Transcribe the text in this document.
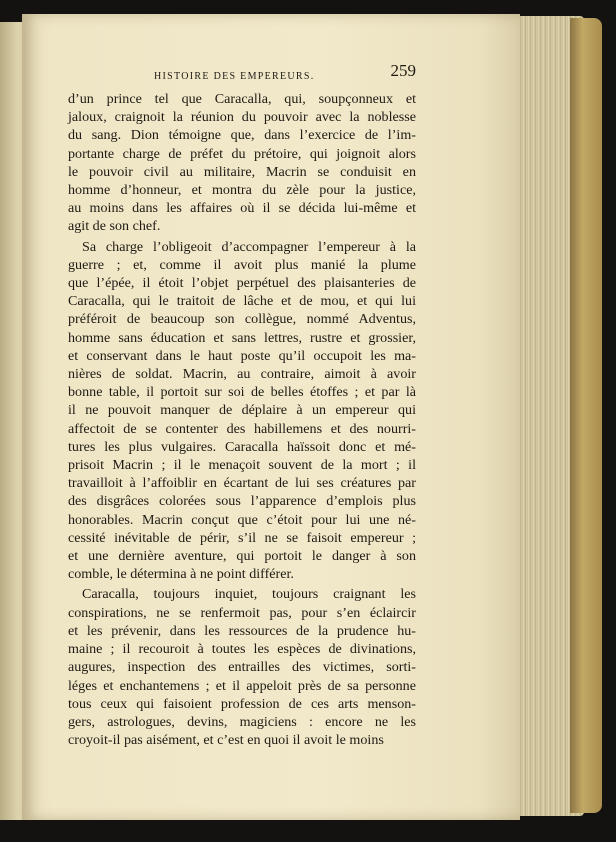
HISTOIRE DES EMPEREURS.	259
d’un prince tel que Caracalla, qui, soupçonneux et
jaloux, craignoit la réunion du pouvoir avec la noblesse
du sang. Dion témoigne que, dans l’exercice de l’im-
portante charge de préfet du prétoire, qui joignoit alors
le pouvoir civil au militaire, Macrin se conduisit en
homme d’honneur, et montra du zèle pour la justice,
au moins dans les affaires où il se décida lui-même et
agit de son chef.
Sa charge l’obligeoit d’accompagner l’empereur à la
guerre ; et, comme il avoit plus manié la plume
que l’épée, il étoit l’objet perpétuel des plaisanteries de
Caracalla, qui le traitoit de lâche et de mou, et qui lui
préféroit de beaucoup son collègue, nommé Adventus,
homme sans éducation et sans lettres, rustre et grossier,
et conservant dans le haut poste qu’il occupoit les ma-
nières de soldat. Macrin, au contraire, aimoit à avoir
bonne table, il portoit sur soi de belles étoffes ; et par là
il ne pouvoit manquer de déplaire à un empereur qui
affectoit de se contenter des habillemens et des nourri-
tures les plus vulgaires. Caracalla haïssoit donc et mé-
prisoit Macrin ; il le menaçoit souvent de la mort ; il
travailloit à l’affoiblir en écartant de lui ses créatures par
des disgrâces colorées sous l’apparence d’emplois plus
honorables. Macrin conçut que c’étoit pour lui une né-
cessité inévitable de périr, s’il ne se faisoit empereur ;
et une dernière aventure, qui portoit le danger à son
comble, le détermina à ne point différer.
Caracalla, toujours inquiet, toujours craignant les
conspirations, ne se renfermoit pas, pour s’en éclaircir
et les prévenir, dans les ressources de la prudence hu-
maine ; il recouroit à toutes les espèces de divinations,
augures, inspection des entrailles des victimes, sorti-
léges et enchantemens ; et il appeloit près de sa personne
tous ceux qui faisoient profession de ces arts menson-
gers, astrologues, devins, magiciens : encore ne les
croyoit-il pas aisément, et c’est en quoi il avoit le moins
